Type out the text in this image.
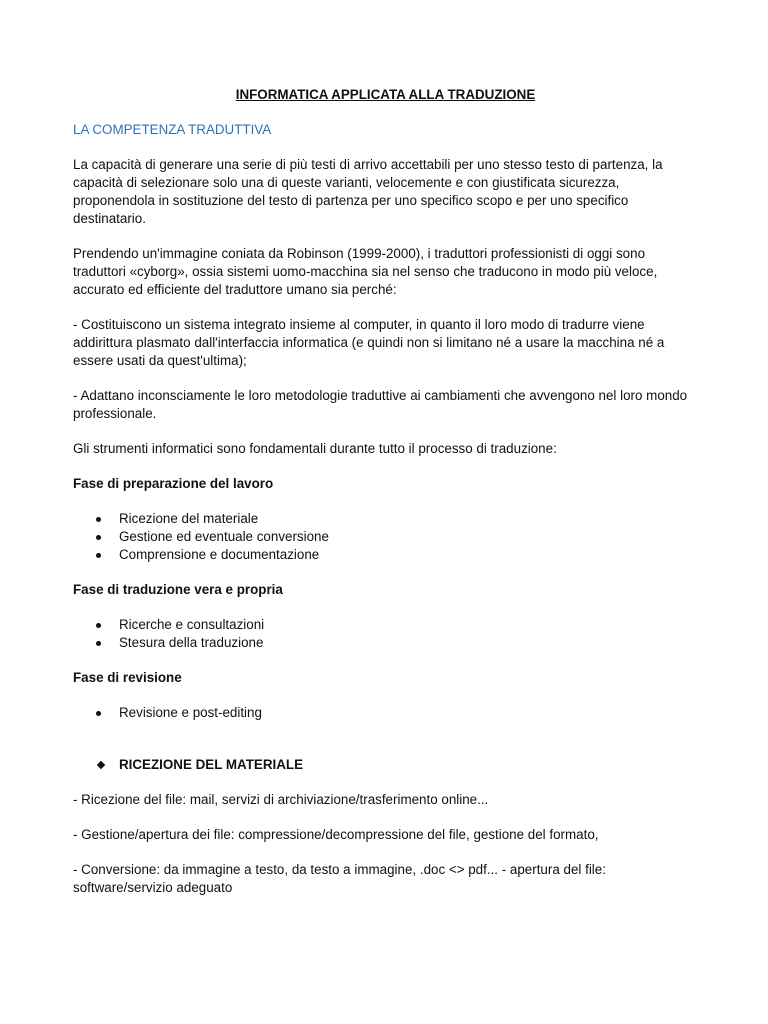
INFORMATICA APPLICATA ALLA TRADUZIONE
LA COMPETENZA TRADUTTIVA

La capacità di generare una serie di più testi di arrivo accettabili per uno stesso testo di partenza, la capacità di selezionare solo una di queste varianti, velocemente e con giustificata sicurezza, proponendola in sostituzione del testo di partenza per uno specifico scopo e per uno specifico destinatario.

Prendendo un'immagine coniata da Robinson (1999-2000), i traduttori professionisti di oggi sono traduttori «cyborg», ossia sistemi uomo-macchina sia nel senso che traducono in modo più veloce, accurato ed efficiente del traduttore umano sia perché:

- Costituiscono un sistema integrato insieme al computer, in quanto il loro modo di tradurre viene addirittura plasmato dall'interfaccia informatica (e quindi non si limitano né a usare la macchina né a essere usati da quest'ultima);

- Adattano inconsciamente le loro metodologie traduttive ai cambiamenti che avvengono nel loro mondo professionale.

Gli strumenti informatici sono fondamentali durante tutto il processo di traduzione:

Fase di preparazione del lavoro
Ricezione del materiale
Gestione ed eventuale conversione
Comprensione e documentazione
Fase di traduzione vera e propria
Ricerche e consultazioni
Stesura della traduzione
Fase di revisione
Revisione e post-editing
RICEZIONE DEL MATERIALE

- Ricezione del file: mail, servizi di archiviazione/trasferimento online...

- Gestione/apertura dei file: compressione/decompressione del file, gestione del formato,

- Conversione: da immagine a testo, da testo a immagine, .doc <> pdf... - apertura del file: software/servizio adeguato
